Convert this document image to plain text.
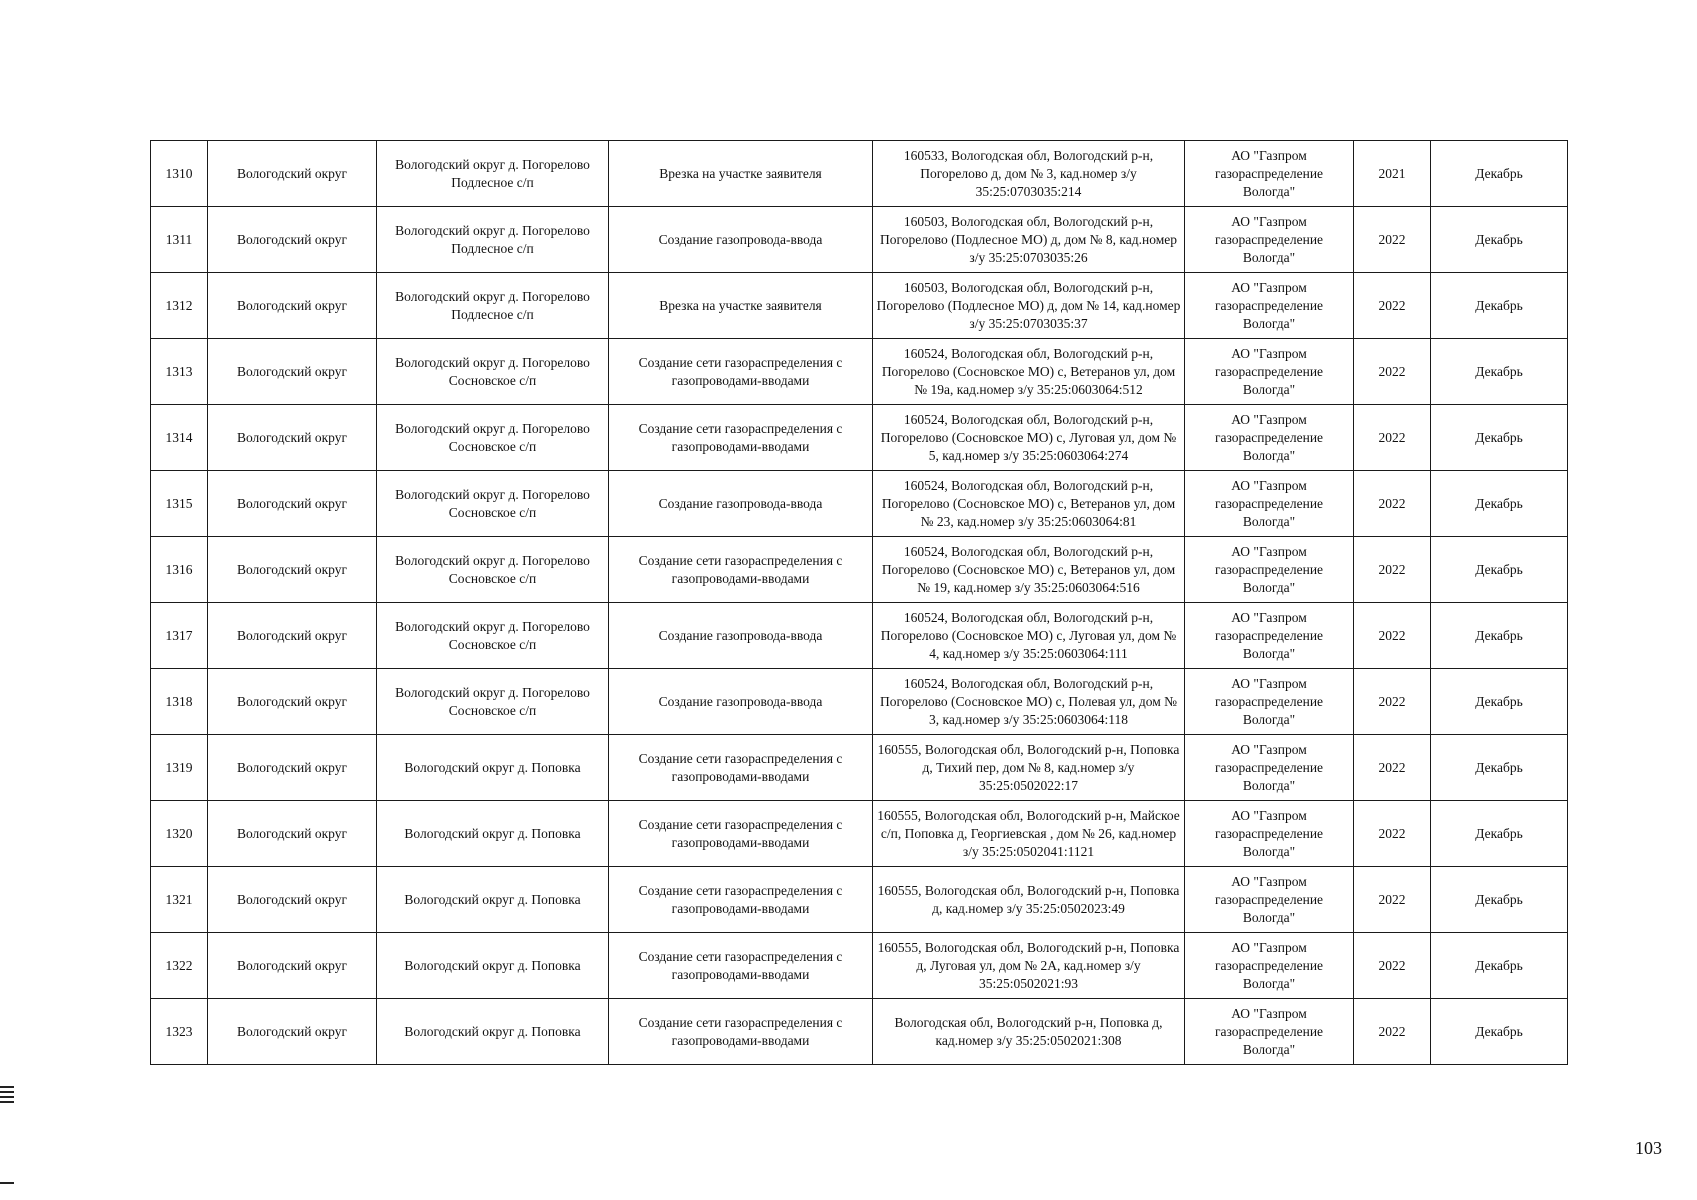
1310	Вологодский округ	Вологодский округ д. Погорелово Подлесное с/п	Врезка на участке заявителя	160533, Вологодская обл, Вологодский р-н, Погорелово д, дом № 3, кад.номер з/у 35:25:0703035:214	АО "Газпром газораспределение Вологда"	2021	Декабрь
1311	Вологодский округ	Вологодский округ д. Погорелово Подлесное с/п	Создание газопровода-ввода	160503, Вологодская обл, Вологодский р-н, Погорелово (Подлесное МО) д, дом № 8, кад.номер з/у 35:25:0703035:26	АО "Газпром газораспределение Вологда"	2022	Декабрь
1312	Вологодский округ	Вологодский округ д. Погорелово Подлесное с/п	Врезка на участке заявителя	160503, Вологодская обл, Вологодский р-н, Погорелово (Подлесное МО) д, дом № 14, кад.номер з/у 35:25:0703035:37	АО "Газпром газораспределение Вологда"	2022	Декабрь
1313	Вологодский округ	Вологодский округ д. Погорелово Сосновское с/п	Создание сети газораспределения с газопроводами-вводами	160524, Вологодская обл, Вологодский р-н, Погорелово (Сосновское МО) с, Ветеранов ул, дом № 19а, кад.номер з/у 35:25:0603064:512	АО "Газпром газораспределение Вологда"	2022	Декабрь
1314	Вологодский округ	Вологодский округ д. Погорелово Сосновское с/п	Создание сети газораспределения с газопроводами-вводами	160524, Вологодская обл, Вологодский р-н, Погорелово (Сосновское МО) с, Луговая ул, дом № 5, кад.номер з/у 35:25:0603064:274	АО "Газпром газораспределение Вологда"	2022	Декабрь
1315	Вологодский округ	Вологодский округ д. Погорелово Сосновское с/п	Создание газопровода-ввода	160524, Вологодская обл, Вологодский р-н, Погорелово (Сосновское МО) с, Ветеранов ул, дом № 23, кад.номер з/у 35:25:0603064:81	АО "Газпром газораспределение Вологда"	2022	Декабрь
1316	Вологодский округ	Вологодский округ д. Погорелово Сосновское с/п	Создание сети газораспределения с газопроводами-вводами	160524, Вологодская обл, Вологодский р-н, Погорелово (Сосновское МО) с, Ветеранов ул, дом № 19, кад.номер з/у 35:25:0603064:516	АО "Газпром газораспределение Вологда"	2022	Декабрь
1317	Вологодский округ	Вологодский округ д. Погорелово Сосновское с/п	Создание газопровода-ввода	160524, Вологодская обл, Вологодский р-н, Погорелово (Сосновское МО) с, Луговая ул, дом № 4, кад.номер з/у 35:25:0603064:111	АО "Газпром газораспределение Вологда"	2022	Декабрь
1318	Вологодский округ	Вологодский округ д. Погорелово Сосновское с/п	Создание газопровода-ввода	160524, Вологодская обл, Вологодский р-н, Погорелово (Сосновское МО) с, Полевая ул, дом № 3, кад.номер з/у 35:25:0603064:118	АО "Газпром газораспределение Вологда"	2022	Декабрь
1319	Вологодский округ	Вологодский округ д. Поповка	Создание сети газораспределения с газопроводами-вводами	160555, Вологодская обл, Вологодский р-н, Поповка д, Тихий пер, дом № 8, кад.номер з/у 35:25:0502022:17	АО "Газпром газораспределение Вологда"	2022	Декабрь
1320	Вологодский округ	Вологодский округ д. Поповка	Создание сети газораспределения с газопроводами-вводами	160555, Вологодская обл, Вологодский р-н, Майское с/п, Поповка д, Георгиевская , дом № 26, кад.номер з/у 35:25:0502041:1121	АО "Газпром газораспределение Вологда"	2022	Декабрь
1321	Вологодский округ	Вологодский округ д. Поповка	Создание сети газораспределения с газопроводами-вводами	160555, Вологодская обл, Вологодский р-н, Поповка д, кад.номер з/у 35:25:0502023:49	АО "Газпром газораспределение Вологда"	2022	Декабрь
1322	Вологодский округ	Вологодский округ д. Поповка	Создание сети газораспределения с газопроводами-вводами	160555, Вологодская обл, Вологодский р-н, Поповка д, Луговая ул, дом № 2А, кад.номер з/у 35:25:0502021:93	АО "Газпром газораспределение Вологда"	2022	Декабрь
1323	Вологодский округ	Вологодский округ д. Поповка	Создание сети газораспределения с газопроводами-вводами	Вологодская обл, Вологодский р-н, Поповка д, кад.номер з/у 35:25:0502021:308	АО "Газпром газораспределение Вологда"	2022	Декабрь
103
